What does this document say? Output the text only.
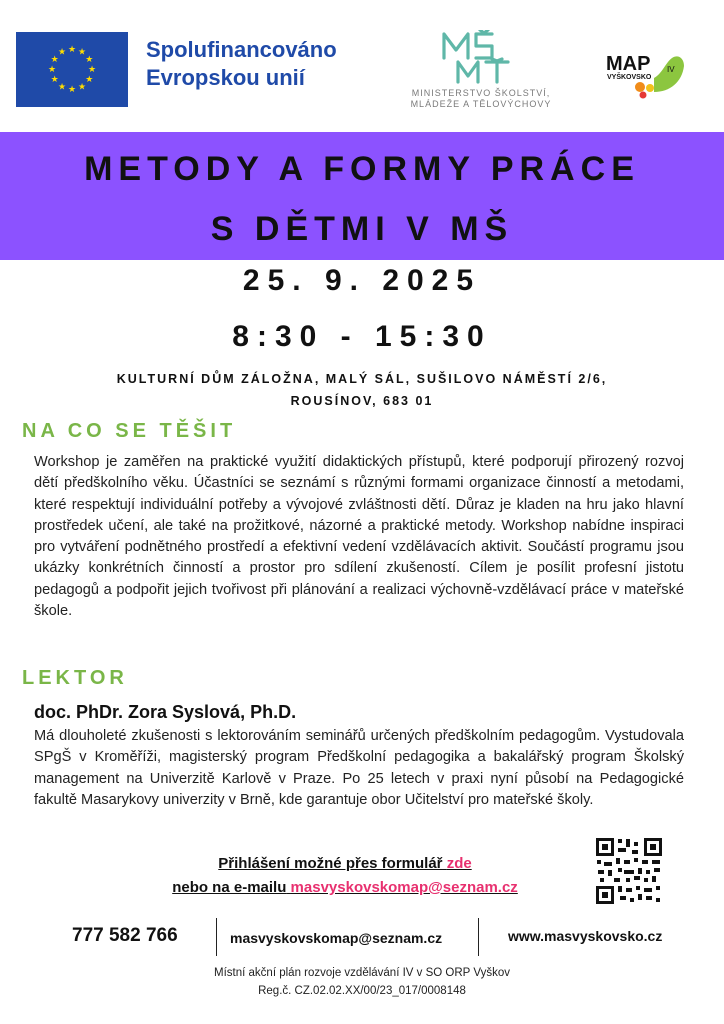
★ ★
★
★
★
★
★
★
★
★
★
★	Spolufinancováno
Evropskou unií
MINISTERSTVO ŠKOLSTVÍ,
MLÁDEŽE A TĚLOVÝCHOVY
MAP
VYŠKOVSKO
IV
METODY A FORMY PRÁCE
S DĚTMI V MŠ
25. 9. 2025
8:30 - 15:30
KULTURNÍ DŮM ZÁLOŽNA, MALÝ SÁL, SUŠILOVO NÁMĚSTÍ 2/6,
ROUSÍNOV, 683 01
NA CO SE TĚŠIT
Workshop je zaměřen na praktické využití didaktických přístupů, které podporují přirozený rozvoj dětí předškolního věku. Účastníci se seznámí s různými formami organizace činností a metodami, které respektují individuální potřeby a vývojové zvláštnosti dětí. Důraz je kladen na hru jako hlavní prostředek učení, ale také na prožitkové, názorné a praktické metody. Workshop nabídne inspiraci pro vytváření podnětného prostředí a efektivní vedení vzdělávacích aktivit. Součástí programu jsou ukázky konkrétních činností a prostor pro sdílení zkušeností. Cílem je posílit profesní jistotu pedagogů a podpořit jejich tvořivost při plánování a realizaci výchovně-vzdělávací práce v mateřské škole.
LEKTOR
doc. PhDr. Zora Syslová, Ph.D.
Má dlouholeté zkušenosti s lektorováním seminářů určených předškolním pedagogům. Vystudovala SPgŠ v Kroměříži, magisterský program Předškolní pedagogika a bakalářský program Školský management na Univerzitě Karlově v Praze. Po 25 letech v praxi nyní působí na Pedagogické fakultě Masarykovy univerzity v Brně, kde garantuje obor Učitelství pro mateřské školy.
Přihlášení možné přes formulář zde
nebo na e-mailu masvyskovskomap@seznam.cz
777 582 766	masvyskovskomap@seznam.cz	www.masvyskovsko.cz
Místní akční plán rozvoje vzdělávání IV v SO ORP Vyškov
Reg.č. CZ.02.02.XX/00/23_017/0008148
